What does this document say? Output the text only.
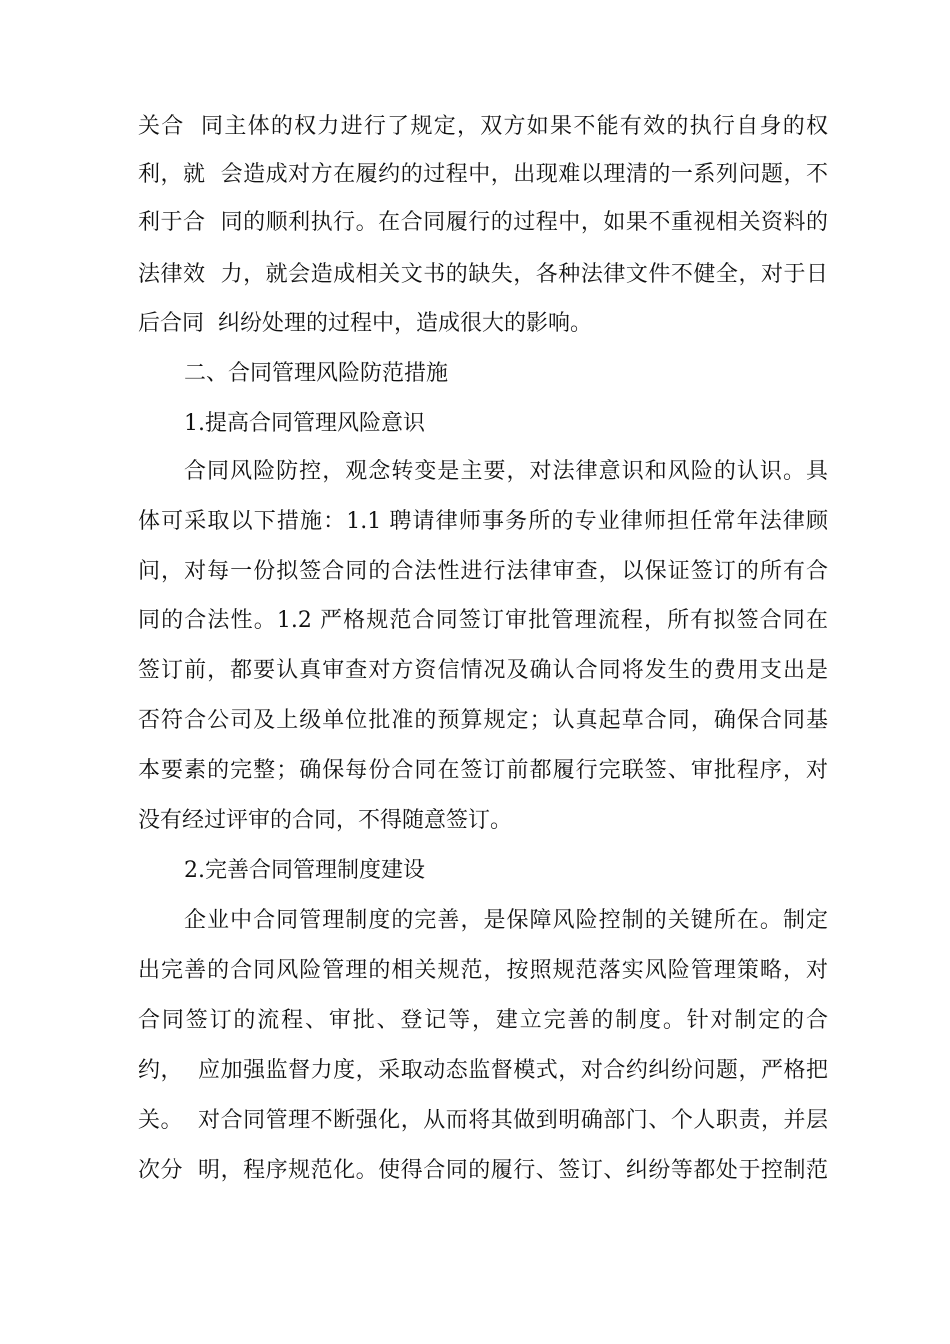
关合  同主体的权力进行了规定，双方如果不能有效的执行自身的权
利，就  会造成对方在履约的过程中，出现难以理清的一系列问题，不
利于合  同的顺利执行。在合同履行的过程中，如果不重视相关资料的
法律效  力，就会造成相关文书的缺失，各种法律文件不健全，对于日
后合同  纠纷处理的过程中，造成很大的影响。
二、合同管理风险防范措施
1.提高合同管理风险意识
合同风险防控，观念转变是主要，对法律意识和风险的认识。具
体可采取以下措施：1.1 聘请律师事务所的专业律师担任常年法律顾
问，对每一份拟签合同的合法性进行法律审查，以保证签订的所有合
同的合法性。1.2 严格规范合同签订审批管理流程，所有拟签合同在
签订前，都要认真审查对方资信情况及确认合同将发生的费用支出是
否符合公司及上级单位批准的预算规定；认真起草合同，确保合同基
本要素的完整；确保每份合同在签订前都履行完联签、审批程序，对
没有经过评审的合同，不得随意签订。
2.完善合同管理制度建设
企业中合同管理制度的完善，是保障风险控制的关键所在。制定
出完善的合同风险管理的相关规范，按照规范落实风险管理策略，对
合同签订的流程、审批、登记等，建立完善的制度。针对制定的合
约，  应加强监督力度，采取动态监督模式，对合约纠纷问题，严格把
关。  对合同管理不断强化，从而将其做到明确部门、个人职责，并层
次分  明，程序规范化。使得合同的履行、签订、纠纷等都处于控制范
